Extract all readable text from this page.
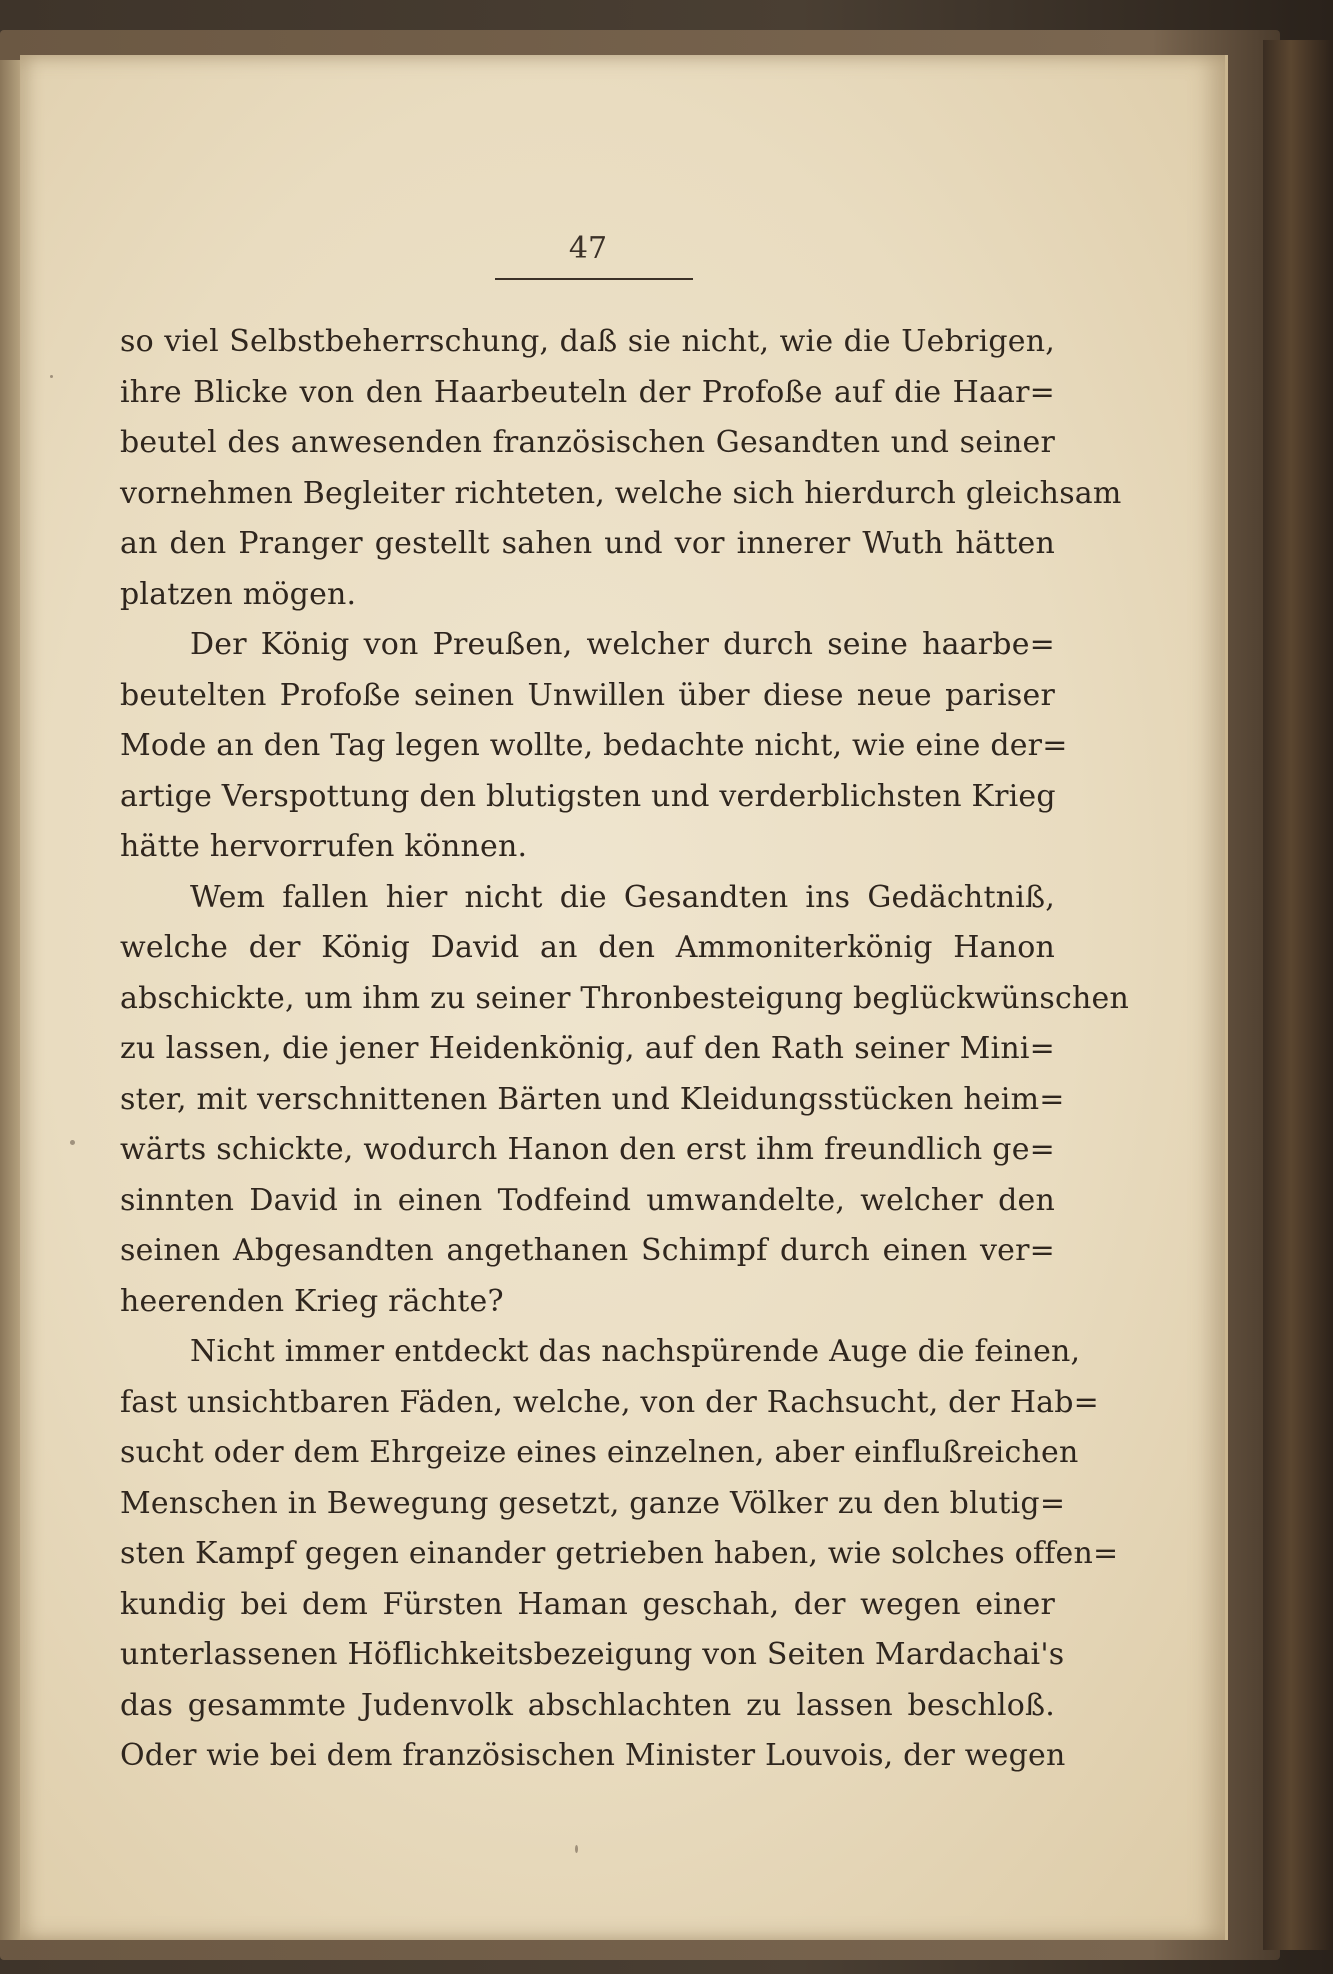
47
so viel Selbstbeherrschung, daß sie nicht, wie die Uebrigen,
ihre Blicke von den Haarbeuteln der Profoße auf die Haar=
beutel des anwesenden französischen Gesandten und seiner
vornehmen Begleiter richteten, welche sich hierdurch gleichsam
an den Pranger gestellt sahen und vor innerer Wuth hätten
platzen mögen.
Der König von Preußen, welcher durch seine haarbe=
beutelten Profoße seinen Unwillen über diese neue pariser
Mode an den Tag legen wollte, bedachte nicht, wie eine der=
artige Verspottung den blutigsten und verderblichsten Krieg
hätte hervorrufen können.
Wem fallen hier nicht die Gesandten ins Gedächtniß,
welche der König David an den Ammoniterkönig Hanon
abschickte, um ihm zu seiner Thronbesteigung beglückwünschen
zu lassen, die jener Heidenkönig, auf den Rath seiner Mini=
ster, mit verschnittenen Bärten und Kleidungsstücken heim=
wärts schickte, wodurch Hanon den erst ihm freundlich ge=
sinnten David in einen Todfeind umwandelte, welcher den
seinen Abgesandten angethanen Schimpf durch einen ver=
heerenden Krieg rächte?
Nicht immer entdeckt das nachspürende Auge die feinen,
fast unsichtbaren Fäden, welche, von der Rachsucht, der Hab=
sucht oder dem Ehrgeize eines einzelnen, aber einflußreichen
Menschen in Bewegung gesetzt, ganze Völker zu den blutig=
sten Kampf gegen einander getrieben haben, wie solches offen=
kundig bei dem Fürsten Haman geschah, der wegen einer
unterlassenen Höflichkeitsbezeigung von Seiten Mardachai's
das gesammte Judenvolk abschlachten zu lassen beschloß.
Oder wie bei dem französischen Minister Louvois, der wegen
